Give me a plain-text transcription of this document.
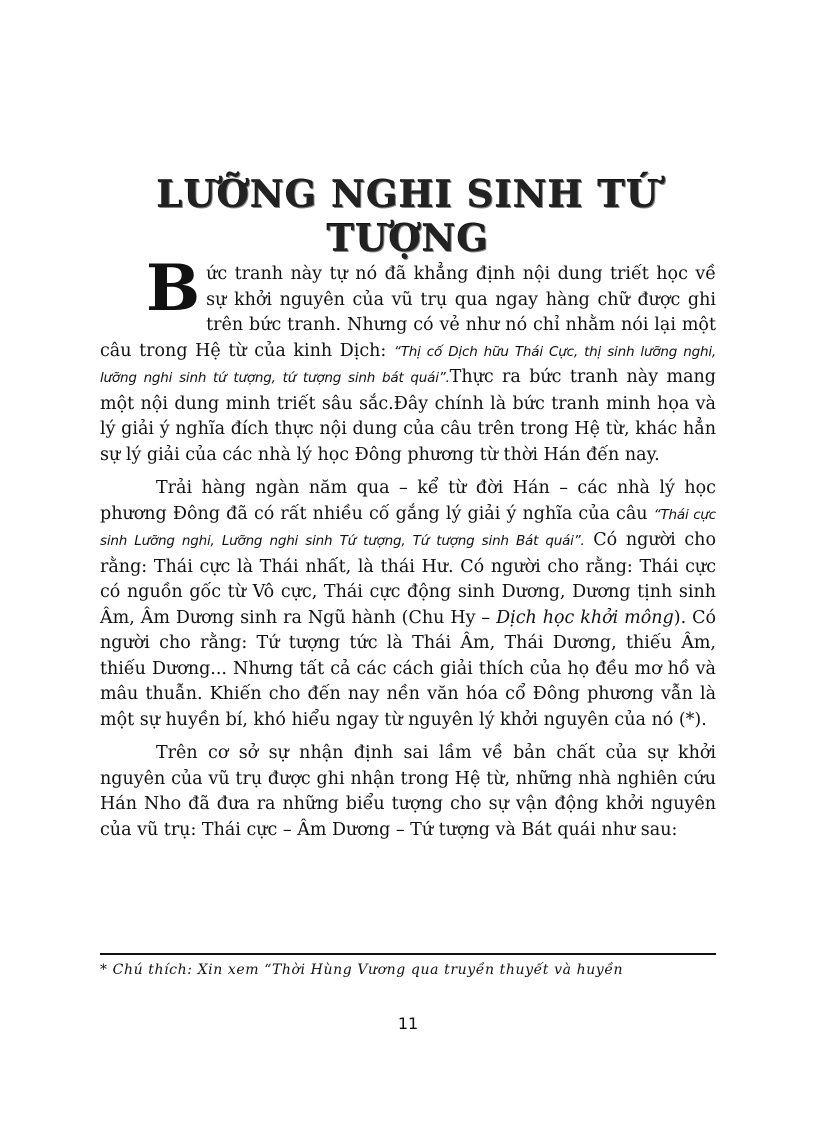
LƯỠNG NGHI SINH TỨ TƯỢNG

Bức tranh này tự nó đã khẳng định nội dung triết học về sự khởi nguyên của vũ trụ qua ngay hàng chữ được ghi trên bức tranh. Nhưng có vẻ như nó chỉ nhằm nói lại một câu trong Hệ từ của kinh Dịch: “Thị cố Dịch hữu Thái Cực, thị sinh lưỡng nghi, lưỡng nghi sinh tứ tượng, tứ tượng sinh bát quái”.Thực ra bức tranh này mang một nội dung minh triết sâu sắc.Đây chính là bức tranh minh họa và lý giải ý nghĩa đích thực nội dung của câu trên trong Hệ từ, khác hẳn sự lý giải của các nhà lý học Đông phương từ thời Hán đến nay.

Trải hàng ngàn năm qua – kể từ đời Hán – các nhà lý học phương Đông đã có rất nhiều cố gắng lý giải ý nghĩa của câu “Thái cực sinh Lưỡng nghi, Lưỡng nghi sinh Tứ tượng, Tứ tượng sinh Bát quái”. Có người cho rằng: Thái cực là Thái nhất, là thái Hư. Có người cho rằng: Thái cực có nguồn gốc từ Vô cực, Thái cực động sinh Dương, Dương tịnh sinh Âm, Âm Dương sinh ra Ngũ hành (Chu Hy – Dịch học khởi mông). Có người cho rằng: Tứ tượng tức là Thái Âm, Thái Dương, thiếu Âm, thiếu Dương... Nhưng tất cả các cách giải thích của họ đều mơ hồ và mâu thuẫn. Khiến cho đến nay nền văn hóa cổ Đông phương vẫn là một sự huyền bí, khó hiểu ngay từ nguyên lý khởi nguyên của nó (*).

Trên cơ sở sự nhận định sai lầm về bản chất của sự khởi nguyên của vũ trụ được ghi nhận trong Hệ từ, những nhà nghiên cứu Hán Nho đã đưa ra những biểu tượng cho sự vận động khởi nguyên của vũ trụ: Thái cực – Âm Dương – Tứ tượng và Bát quái như sau:

* Chú thích: Xin xem “Thời Hùng Vương qua truyền thuyết và huyền
11
